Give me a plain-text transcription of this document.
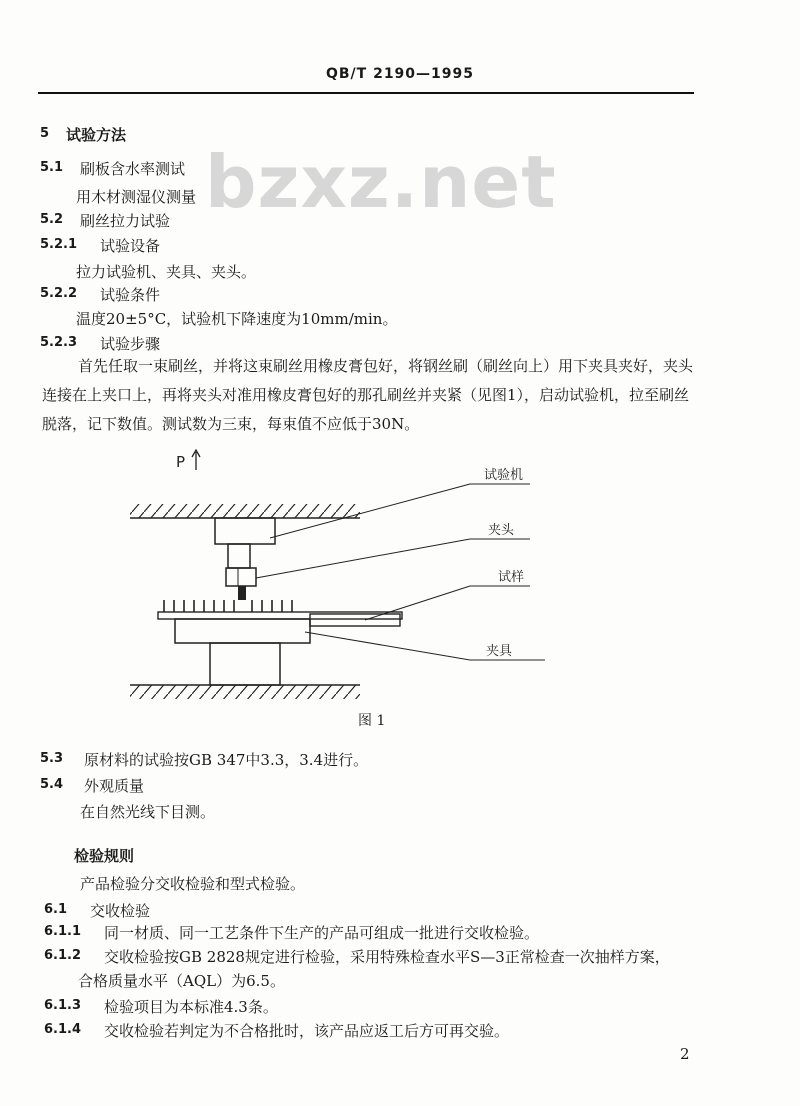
QB/T 2190—1995
bzxz.net
5 试验方法
5.1 刷板含水率测试
用木材测湿仪测量
5.2 刷丝拉力试验
5.2.1 试验设备
拉力试验机、夹具、夹头。
5.2.2 试验条件
温度20±5°C，试验机下降速度为10mm/min。
5.2.3 试验步骤
首先任取一束刷丝，并将这束刷丝用橡皮膏包好，将钢丝刷（刷丝向上）用下夹具夹好，夹头连接在上夹口上，再将夹头对准用橡皮膏包好的那孔刷丝并夹紧（见图1），启动试验机，拉至刷丝脱落，记下数值。测试数为三束，每束值不应低于30N。
P
试验机
夹头
试样
夹具
图 1
5.3 原材料的试验按GB 347中3.3，3.4进行。
5.4 外观质量
在自然光线下目测。
检验规则
产品检验分交收检验和型式检验。
6.1 交收检验
6.1.1 同一材质、同一工艺条件下生产的产品可组成一批进行交收检验。
6.1.2 交收检验按GB 2828规定进行检验，采用特殊检查水平S—3正常检查一次抽样方案，
合格质量水平（AQL）为6.5。
6.1.3 检验项目为本标准4.3条。
6.1.4 交收检验若判定为不合格批时，该产品应返工后方可再交验。
2
